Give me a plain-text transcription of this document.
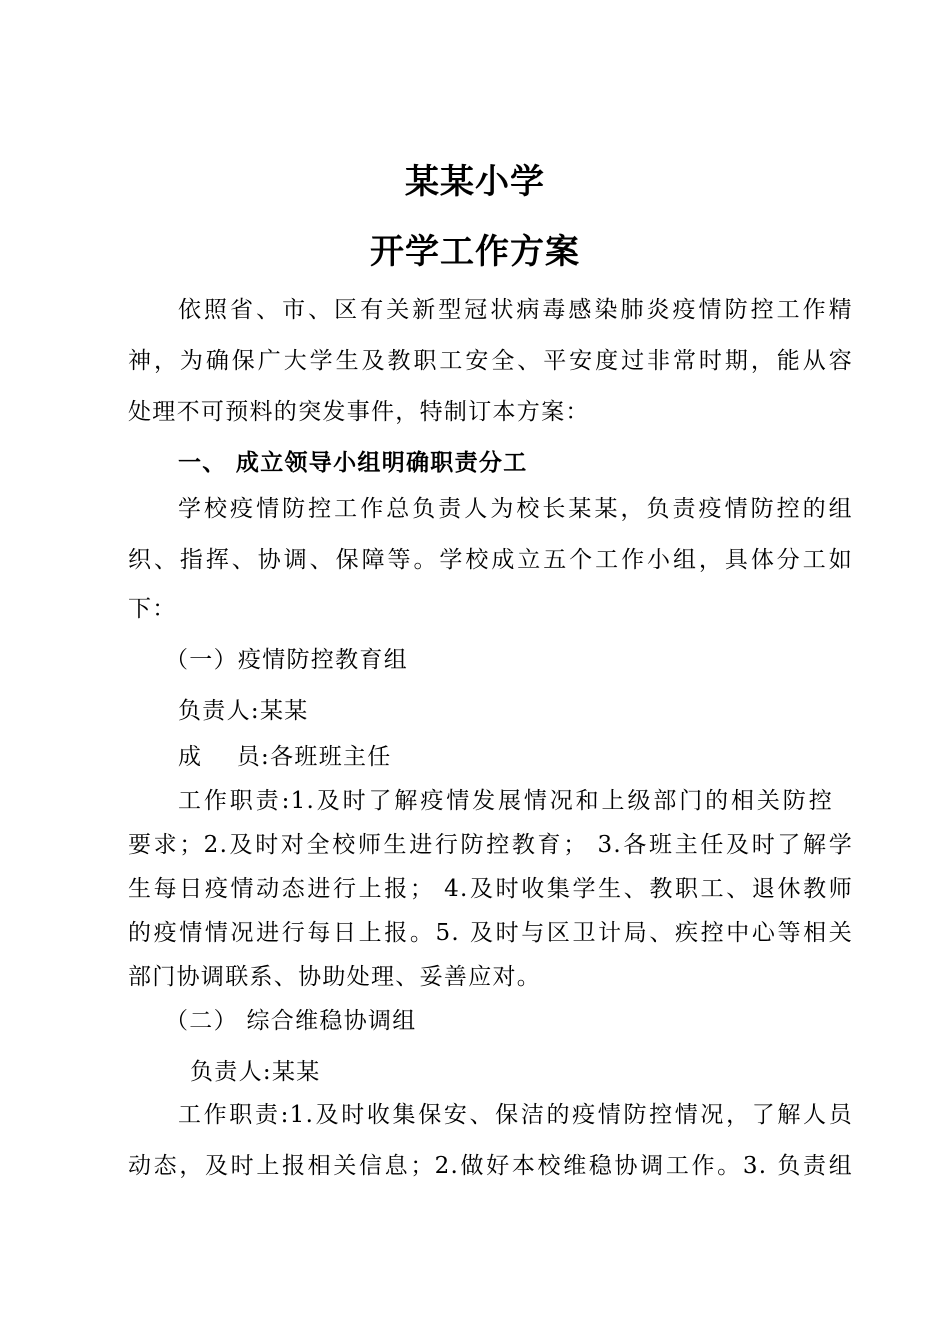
某某小学
开学工作方案
依照省、市、区有关新型冠状病毒感染肺炎疫情防控工作精
神，为确保广大学生及教职工安全、平安度过非常时期，能从容
处理不可预料的突发事件，特制订本方案：
一、 成立领导小组明确职责分工
学校疫情防控工作总负责人为校长某某，负责疫情防控的组
织、指挥、协调、保障等。学校成立五个工作小组，具体分工如
下：
（一）疫情防控教育组
负责人:某某
成    员:各班班主任
工作职责:1.及时了解疫情发展情况和上级部门的相关防控
要求；2.及时对全校师生进行防控教育； 3.各班主任及时了解学
生每日疫情动态进行上报； 4.及时收集学生、教职工、退休教师
的疫情情况进行每日上报。5. 及时与区卫计局、疾控中心等相关
部门协调联系、协助处理、妥善应对。
（二） 综合维稳协调组
负责人:某某
工作职责:1.及时收集保安、保洁的疫情防控情况，了解人员
动态，及时上报相关信息；2.做好本校维稳协调工作。3. 负责组
